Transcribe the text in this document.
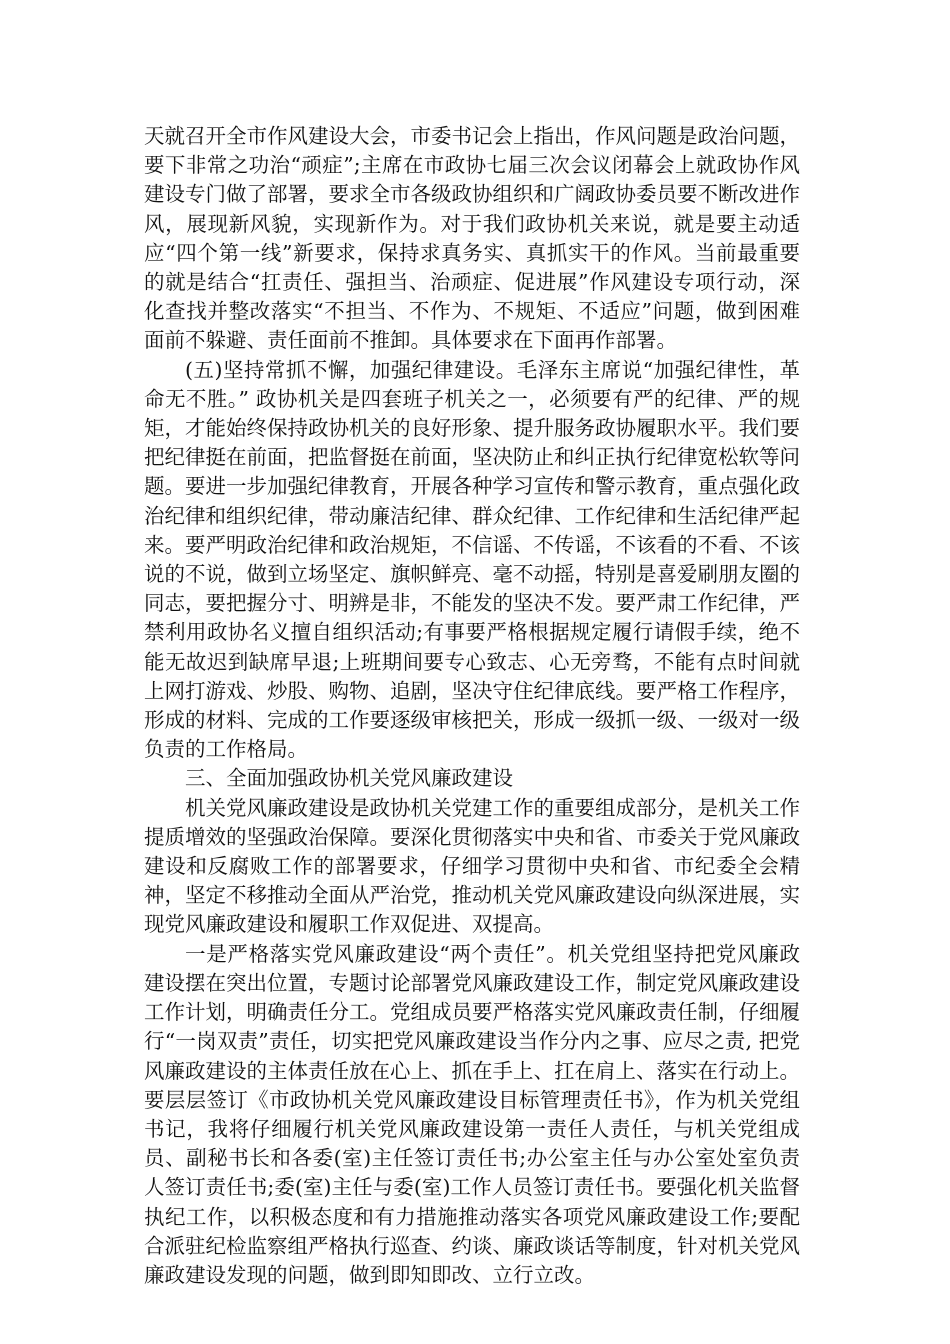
天就召开全市作风建设大会，市委书记会上指出，作风问题是政治问题，要下非常之功治“顽症”;主席在市政协七届三次会议闭幕会上就政协作风建设专门做了部署，要求全市各级政协组织和广阔政协委员要不断改进作风，展现新风貌，实现新作为。对于我们政协机关来说，就是要主动适应“四个第一线”新要求，保持求真务实、真抓实干的作风。当前最重要的就是结合“扛责任、强担当、治顽症、促进展”作风建设专项行动，深化查找并整改落实“不担当、不作为、不规矩、不适应”问题，做到困难面前不躲避、责任面前不推卸。具体要求在下面再作部署。

(五)坚持常抓不懈，加强纪律建设。毛泽东主席说“加强纪律性，革命无不胜。” 政协机关是四套班子机关之一，必须要有严的纪律、严的规矩，才能始终保持政协机关的良好形象、提升服务政协履职水平。我们要把纪律挺在前面，把监督挺在前面，坚决防止和纠正执行纪律宽松软等问题。要进一步加强纪律教育，开展各种学习宣传和警示教育，重点强化政治纪律和组织纪律，带动廉洁纪律、群众纪律、工作纪律和生活纪律严起来。要严明政治纪律和政治规矩，不信谣、不传谣，不该看的不看、不该说的不说，做到立场坚定、旗帜鲜亮、毫不动摇，特别是喜爱刷朋友圈的同志，要把握分寸、明辨是非，不能发的坚决不发。要严肃工作纪律，严禁利用政协名义擅自组织活动;有事要严格根据规定履行请假手续，绝不能无故迟到缺席早退;上班期间要专心致志、心无旁骛，不能有点时间就上网打游戏、炒股、购物、追剧，坚决守住纪律底线。要严格工作程序，形成的材料、完成的工作要逐级审核把关，形成一级抓一级、一级对一级负责的工作格局。

三、全面加强政协机关党风廉政建设

机关党风廉政建设是政协机关党建工作的重要组成部分，是机关工作提质增效的坚强政治保障。要深化贯彻落实中央和省、市委关于党风廉政建设和反腐败工作的部署要求，仔细学习贯彻中央和省、市纪委全会精神，坚定不移推动全面从严治党，推动机关党风廉政建设向纵深进展，实现党风廉政建设和履职工作双促进、双提高。

一是严格落实党风廉政建设“两个责任”。机关党组坚持把党风廉政建设摆在突出位置，专题讨论部署党风廉政建设工作，制定党风廉政建设工作计划，明确责任分工。党组成员要严格落实党风廉政责任制，仔细履行“一岗双责”责任，切实把党风廉政建设当作分内之事、应尽之责, 把党风廉政建设的主体责任放在心上、抓在手上、扛在肩上、落实在行动上。要层层签订《市政协机关党风廉政建设目标管理责任书》，作为机关党组书记，我将仔细履行机关党风廉政建设第一责任人责任，与机关党组成员、副秘书长和各委(室)主任签订责任书;办公室主任与办公室处室负责人签订责任书;委(室)主任与委(室)工作人员签订责任书。要强化机关监督执纪工作，以积极态度和有力措施推动落实各项党风廉政建设工作;要配合派驻纪检监察组严格执行巡查、约谈、廉政谈话等制度，针对机关党风廉政建设发现的问题，做到即知即改、立行立改。
